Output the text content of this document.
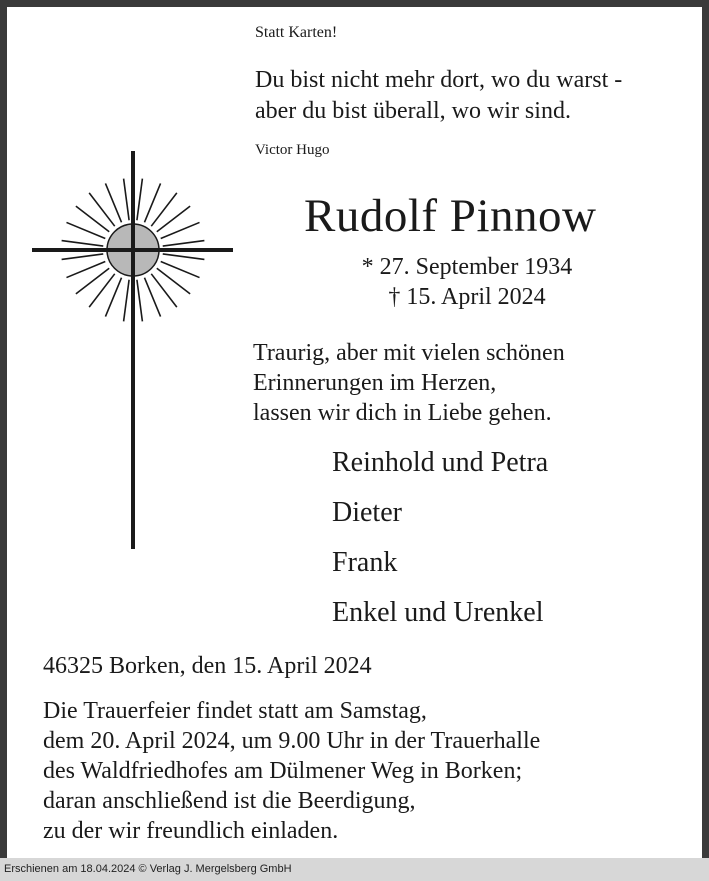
Statt Karten!
Du bist nicht mehr dort, wo du warst -
aber du bist überall, wo wir sind.
Victor Hugo
Rudolf Pinnow
* 27. September 1934
† 15. April 2024
Traurig, aber mit vielen schönen
Erinnerungen im Herzen,
lassen wir dich in Liebe gehen.
Reinhold und Petra
Dieter
Frank
Enkel und Urenkel
46325 Borken, den 15. April 2024
Die Trauerfeier findet statt am Samstag,
dem 20. April 2024, um 9.00 Uhr in der Trauerhalle
des Waldfriedhofes am Dülmener Weg in Borken;
daran anschließend ist die Beerdigung,
zu der wir freundlich einladen.
Erschienen am 18.04.2024 © Verlag J. Mergelsberg GmbH
